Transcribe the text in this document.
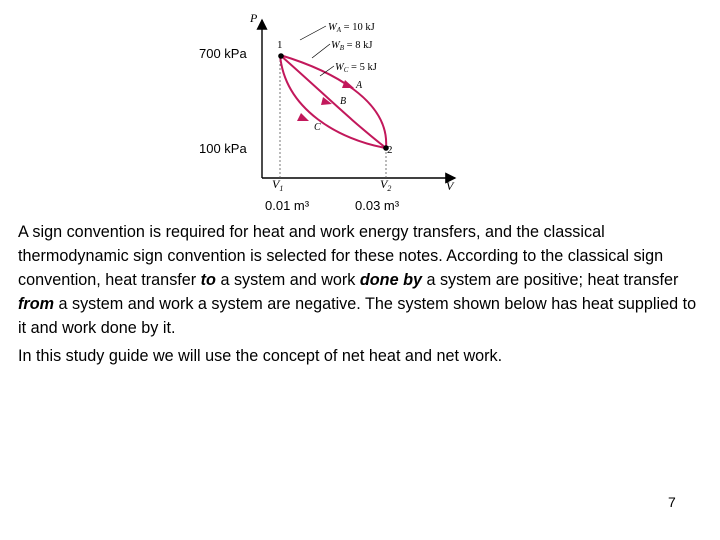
P
V
$V_1$	$V_2$
1
2
A
B
C
WA = 10 kJ
WB = 8 kJ
WC = 5 kJ
700 kPa
100 kPa
0.01 m³	0.03 m³

A sign convention is required for heat and work energy transfers, and the classical thermodynamic sign convention is selected for these notes. According to the classical sign convention, heat transfer to a system and work done by a system are positive; heat transfer from a system and work a system are negative. The system shown below has heat supplied to it and work done by it.

In this study guide we will use the concept of net heat and net work.

7
